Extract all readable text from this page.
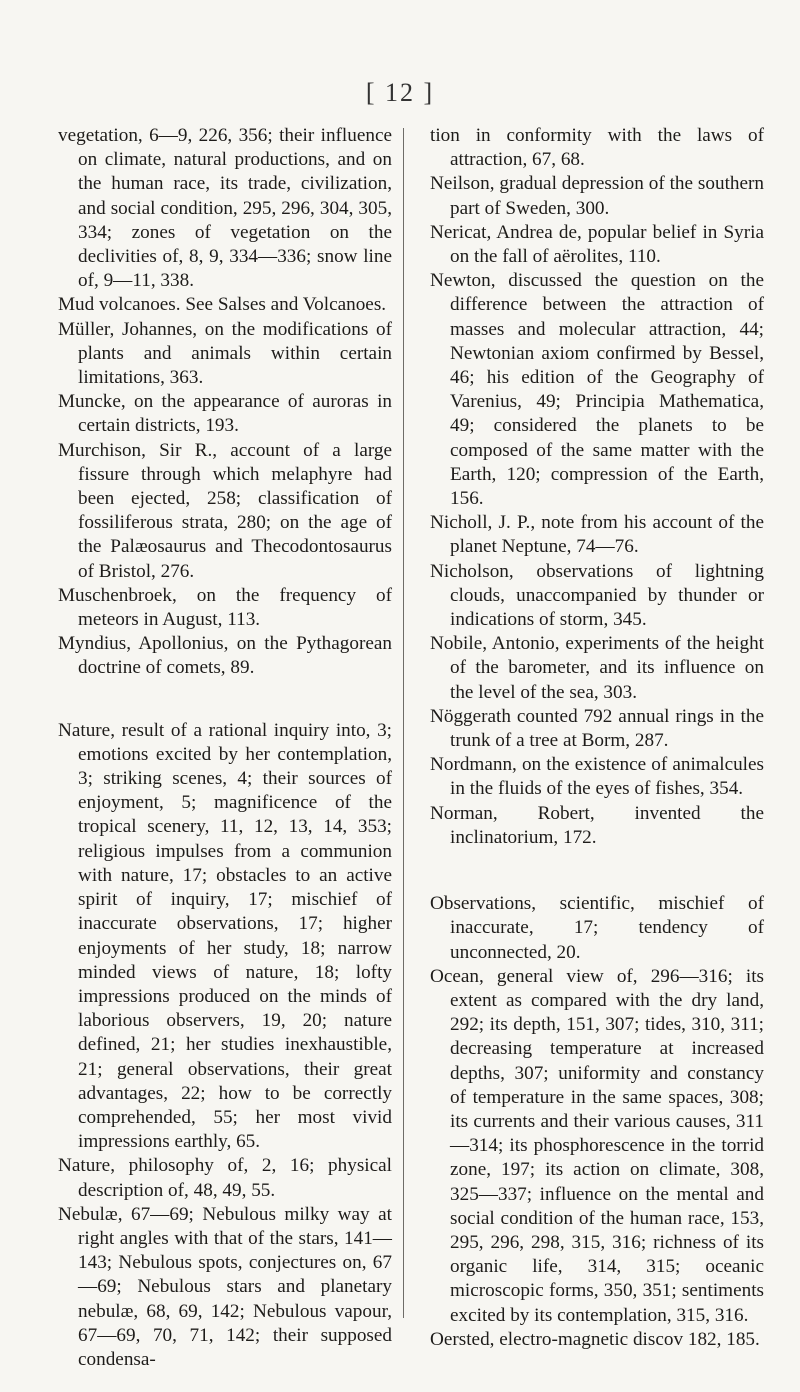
[ 12 ]

vegetation, 6—9, 226, 356; their influence on climate, natural productions, and on the human race, its trade, civilization, and social condition, 295, 296, 304, 305, 334; zones of vegetation on the declivities of, 8, 9, 334—336; snow line of, 9—11, 338.

Mud volcanoes. See Salses and Volcanoes.

Müller, Johannes, on the modifications of plants and animals within certain limitations, 363.

Muncke, on the appearance of auroras in certain districts, 193.

Murchison, Sir R., account of a large fissure through which melaphyre had been ejected, 258; classification of fossiliferous strata, 280; on the age of the Palæosaurus and Thecodontosaurus of Bristol, 276.

Muschenbroek, on the frequency of meteors in August, 113.

Myndius, Apollonius, on the Pythagorean doctrine of comets, 89.

Nature, result of a rational inquiry into, 3; emotions excited by her contemplation, 3; striking scenes, 4; their sources of enjoyment, 5; magnificence of the tropical scenery, 11, 12, 13, 14, 353; religious impulses from a communion with nature, 17; obstacles to an active spirit of inquiry, 17; mischief of inaccurate observations, 17; higher enjoyments of her study, 18; narrow minded views of nature, 18; lofty impressions produced on the minds of laborious observers, 19, 20; nature defined, 21; her studies inexhaustible, 21; general observations, their great advantages, 22; how to be correctly comprehended, 55; her most vivid impressions earthly, 65.

Nature, philosophy of, 2, 16; physical description of, 48, 49, 55.

Nebulæ, 67—69; Nebulous milky way at right angles with that of the stars, 141—143; Nebulous spots, conjectures on, 67—69; Nebulous stars and planetary nebulæ, 68, 69, 142; Nebulous vapour, 67—69, 70, 71, 142; their supposed condensa-

tion in conformity with the laws of attraction, 67, 68.

Neilson, gradual depression of the southern part of Sweden, 300.

Nericat, Andrea de, popular belief in Syria on the fall of aërolites, 110.

Newton, discussed the question on the difference between the attraction of masses and molecular attraction, 44; Newtonian axiom confirmed by Bessel, 46; his edition of the Geography of Varenius, 49; Principia Mathematica, 49; considered the planets to be composed of the same matter with the Earth, 120; compression of the Earth, 156.

Nicholl, J. P., note from his account of the planet Neptune, 74—76.

Nicholson, observations of lightning clouds, unaccompanied by thunder or indications of storm, 345.

Nobile, Antonio, experiments of the height of the barometer, and its influence on the level of the sea, 303.

Nöggerath counted 792 annual rings in the trunk of a tree at Borm, 287.

Nordmann, on the existence of animalcules in the fluids of the eyes of fishes, 354.

Norman, Robert, invented the inclinatorium, 172.

Observations, scientific, mischief of inaccurate, 17; tendency of unconnected, 20.

Ocean, general view of, 296—316; its extent as compared with the dry land, 292; its depth, 151, 307; tides, 310, 311; decreasing temperature at increased depths, 307; uniformity and constancy of temperature in the same spaces, 308; its currents and their various causes, 311—314; its phosphorescence in the torrid zone, 197; its action on climate, 308, 325—337; influence on the mental and social condition of the human race, 153, 295, 296, 298, 315, 316; richness of its organic life, 314, 315; oceanic microscopic forms, 350, 351; sentiments excited by its contemplation, 315, 316.

Oersted, electro-magnetic discov 182, 185.
